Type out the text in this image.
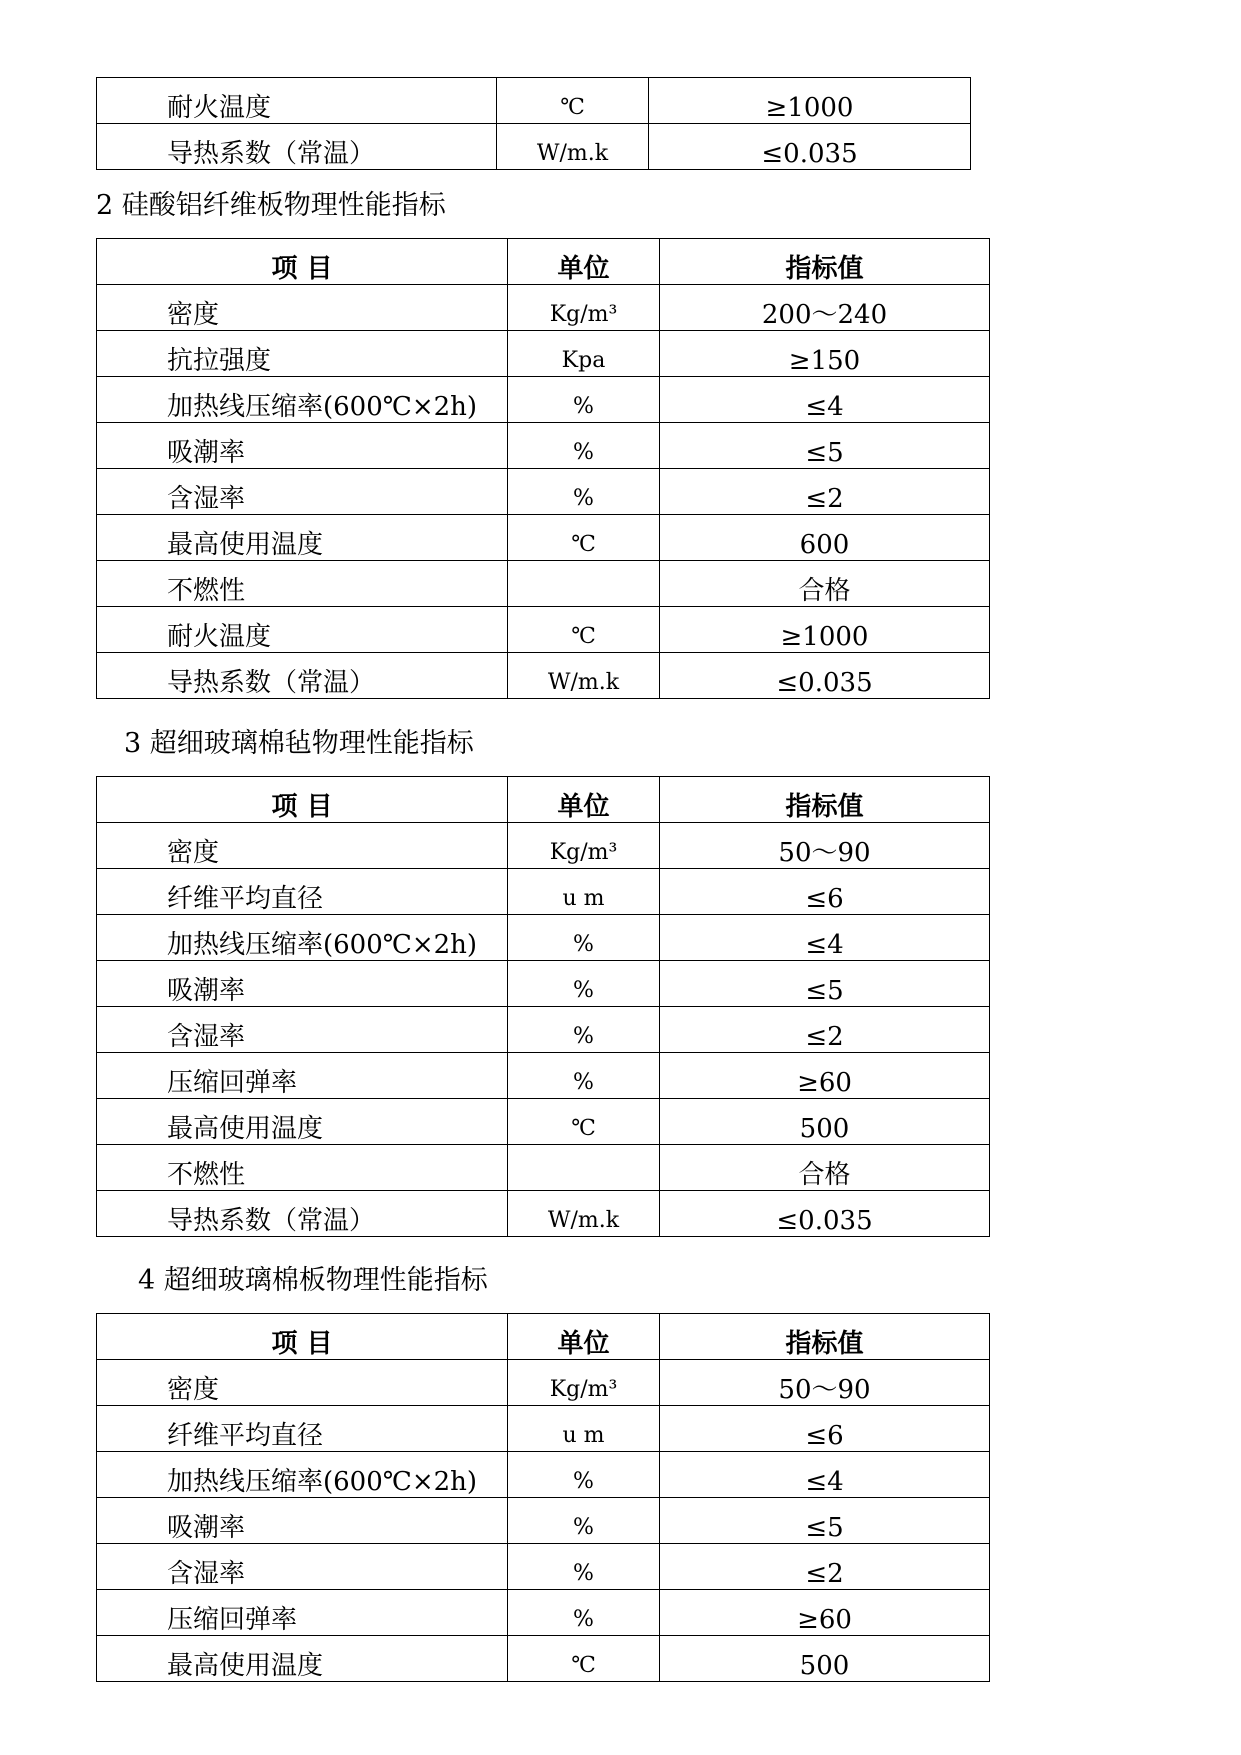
耐火温度	℃	≥1000
导热系数（常温）	W/m.k	≤0.035
2 硅酸铝纤维板物理性能指标
项 目	单位	指标值
密度	Kg/m³	200～240
抗拉强度	Kpa	≥150
加热线压缩率(600℃×2h)	%	≤4
吸潮率	%	≤5
含湿率	%	≤2
最高使用温度	℃	600
不燃性		合格
耐火温度	℃	≥1000
导热系数（常温）	W/m.k	≤0.035
3 超细玻璃棉毡物理性能指标
项 目	单位	指标值
密度	Kg/m³	50～90
纤维平均直径	u m	≤6
加热线压缩率(600℃×2h)	%	≤4
吸潮率	%	≤5
含湿率	%	≤2
压缩回弹率	%	≥60
最高使用温度	℃	500
不燃性		合格
导热系数（常温）	W/m.k	≤0.035
4 超细玻璃棉板物理性能指标
项 目	单位	指标值
密度	Kg/m³	50～90
纤维平均直径	u m	≤6
加热线压缩率(600℃×2h)	%	≤4
吸潮率	%	≤5
含湿率	%	≤2
压缩回弹率	%	≥60
最高使用温度	℃	500
